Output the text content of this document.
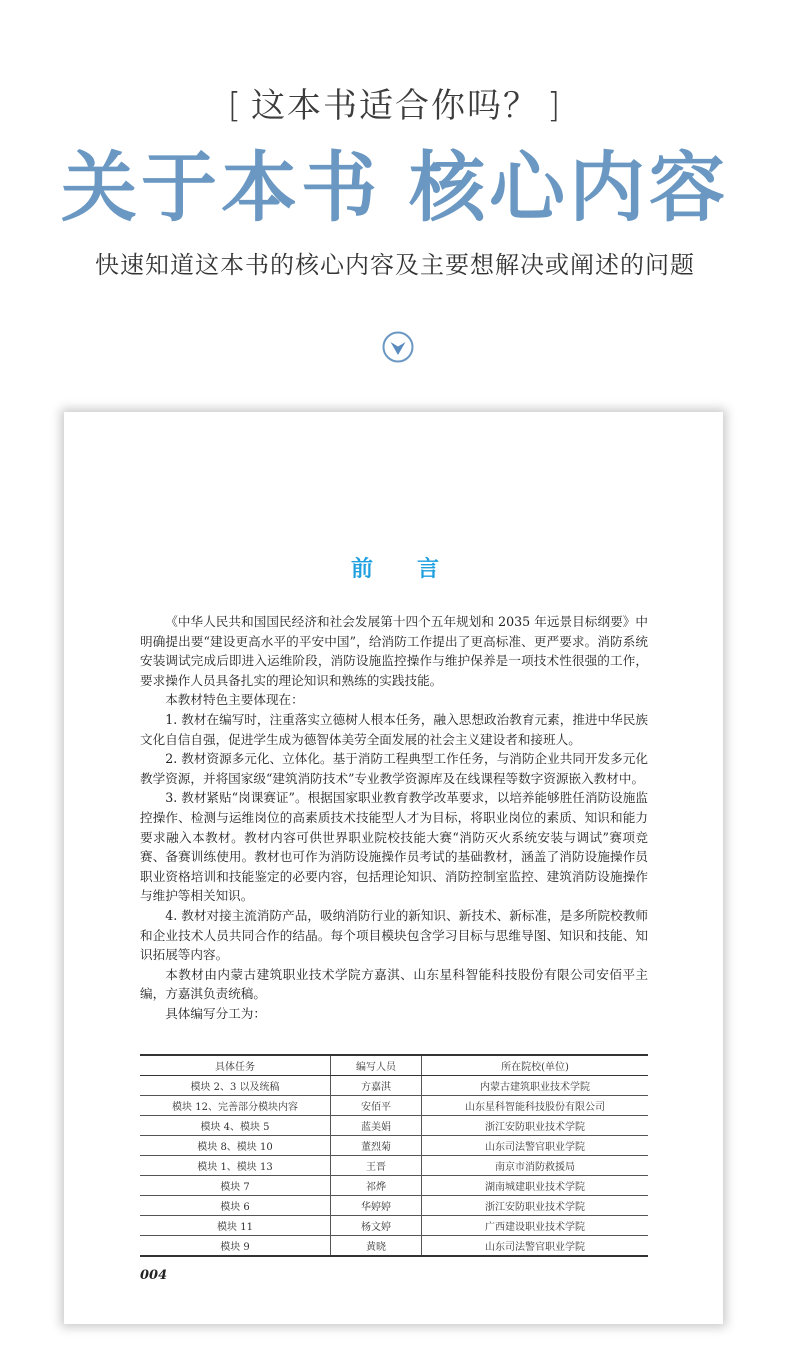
[ 这本书适合你吗？ ]
关于本书 核心内容
快速知道这本书的核心内容及主要想解决或阐述的问题
前 言

《中华人民共和国国民经济和社会发展第十四个五年规划和 2035 年远景目标纲要》中明确提出要“建设更高水平的平安中国”，给消防工作提出了更高标准、更严要求。消防系统安装调试完成后即进入运维阶段，消防设施监控操作与维护保养是一项技术性很强的工作，要求操作人员具备扎实的理论知识和熟练的实践技能。

本教材特色主要体现在：

1. 教材在编写时，注重落实立德树人根本任务，融入思想政治教育元素，推进中华民族文化自信自强，促进学生成为德智体美劳全面发展的社会主义建设者和接班人。

2. 教材资源多元化、立体化。基于消防工程典型工作任务，与消防企业共同开发多元化教学资源，并将国家级“建筑消防技术”专业教学资源库及在线课程等数字资源嵌入教材中。

3. 教材紧贴“岗课赛证”。根据国家职业教育教学改革要求，以培养能够胜任消防设施监控操作、检测与运维岗位的高素质技术技能型人才为目标，将职业岗位的素质、知识和能力要求融入本教材。教材内容可供世界职业院校技能大赛“消防灭火系统安装与调试”赛项竞赛、备赛训练使用。教材也可作为消防设施操作员考试的基础教材，涵盖了消防设施操作员职业资格培训和技能鉴定的必要内容，包括理论知识、消防控制室监控、建筑消防设施操作与维护等相关知识。

4. 教材对接主流消防产品，吸纳消防行业的新知识、新技术、新标准，是多所院校教师和企业技术人员共同合作的结晶。每个项目模块包含学习目标与思维导图、知识和技能、知识拓展等内容。

本教材由内蒙古建筑职业技术学院方嘉淇、山东星科智能科技股份有限公司安佰平主编，方嘉淇负责统稿。

具体编写分工为：

具体任务	编写人员	所在院校(单位)
模块 2、3 以及统稿	方嘉淇	内蒙古建筑职业技术学院
模块 12、完善部分模块内容	安佰平	山东星科智能科技股份有限公司
模块 4、模块 5	蓝美娟	浙江安防职业技术学院
模块 8、模块 10	董烈菊	山东司法警官职业学院
模块 1、模块 13	王晋	南京市消防救援局
模块 7	祁烨	湖南城建职业技术学院
模块 6	华婷婷	浙江安防职业技术学院
模块 11	杨文婷	广西建设职业技术学院
模块 9	黄晓	山东司法警官职业学院
004
